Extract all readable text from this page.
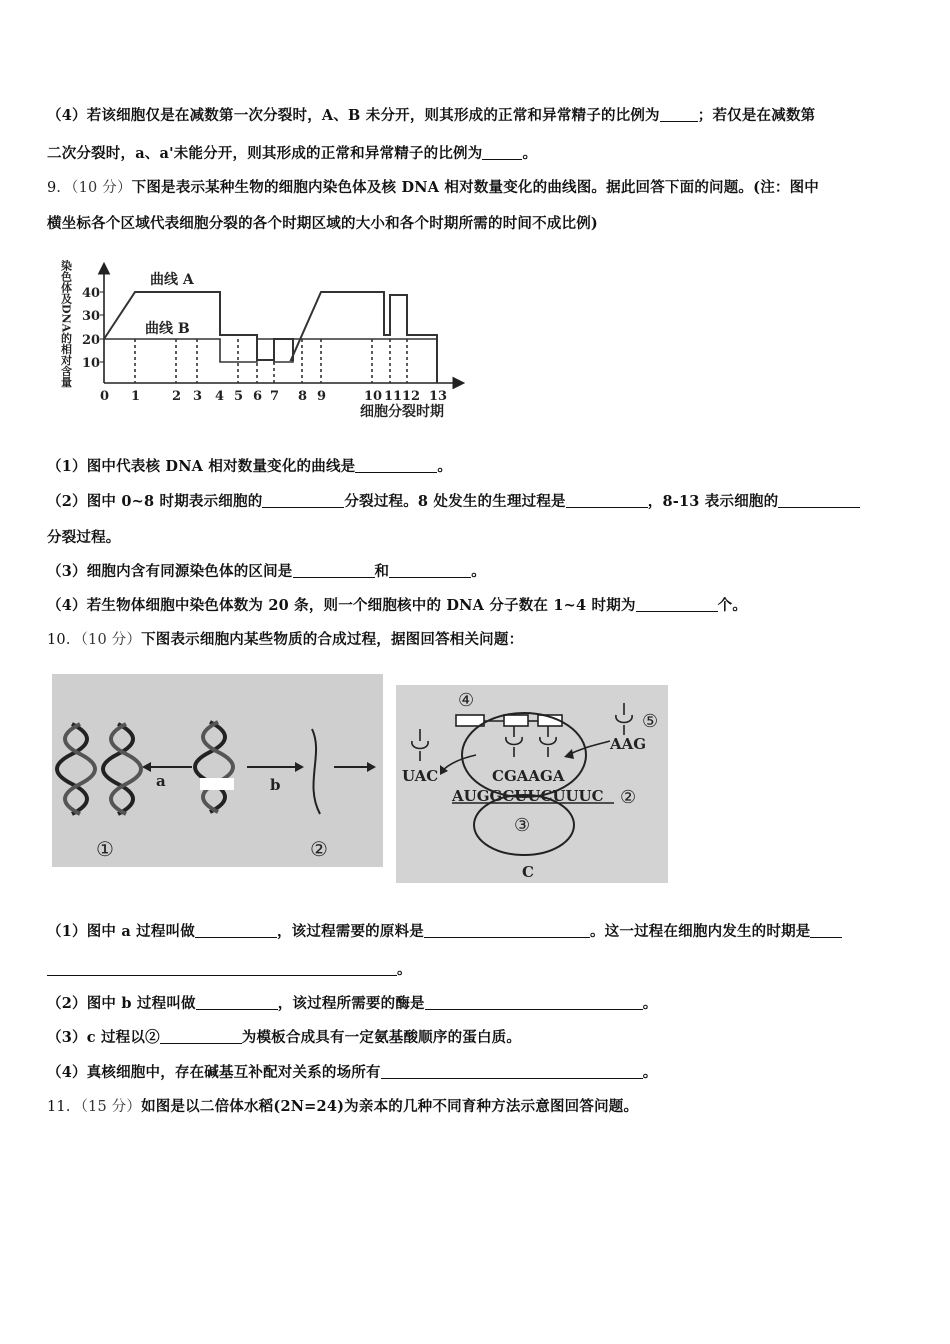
（4）若该细胞仅是在减数第一次分裂时，A、B 未分开，则其形成的正常和异常精子的比例为	；若仅是在减数第
二次分裂时，a、a'未能分开，则其形成的正常和异常精子的比例为	。
9．（10 分）下图是表示某种生物的细胞内染色体及核 DNA 相对数量变化的曲线图。据此回答下面的问题。(注：图中
横坐标各个区域代表细胞分裂的各个时期区域的大小和各个时期所需的时间不成比例)
染色体及DNA的相对含量 10
20
30
40
曲线 A
曲线 B
0 1 2 3 4 5 6 7 8 9	10 11 12 13
细胞分裂时期
（1）图中代表核 DNA 相对数量变化的曲线是	。
（2）图中 0~8 时期表示细胞的	分裂过程。8 处发生的生理过程是	，8-13 表示细胞的
分裂过程。
（3）细胞内含有同源染色体的区间是	和	。
（4）若生物体细胞中染色体数为 20 条，则一个细胞核中的 DNA 分子数在 1~4 时期为	个。
10．（10 分）下图表示细胞内某些物质的合成过程，据图回答相关问题：
a	b
①	②
④
⑤
UAC
AAG
CGAAGA
AUGGCUUCUUUC ②
③
C
（1）图中 a 过程叫做	，该过程需要的原料是	。这一过程在细胞内发生的时期是
。
（2）图中 b 过程叫做	，该过程所需要的酶是	。
（3）c 过程以②	为模板合成具有一定氨基酸顺序的蛋白质。
（4）真核细胞中，存在碱基互补配对关系的场所有	。
11．（15 分）如图是以二倍体水稻(2N=24)为亲本的几种不同育种方法示意图回答问题。
